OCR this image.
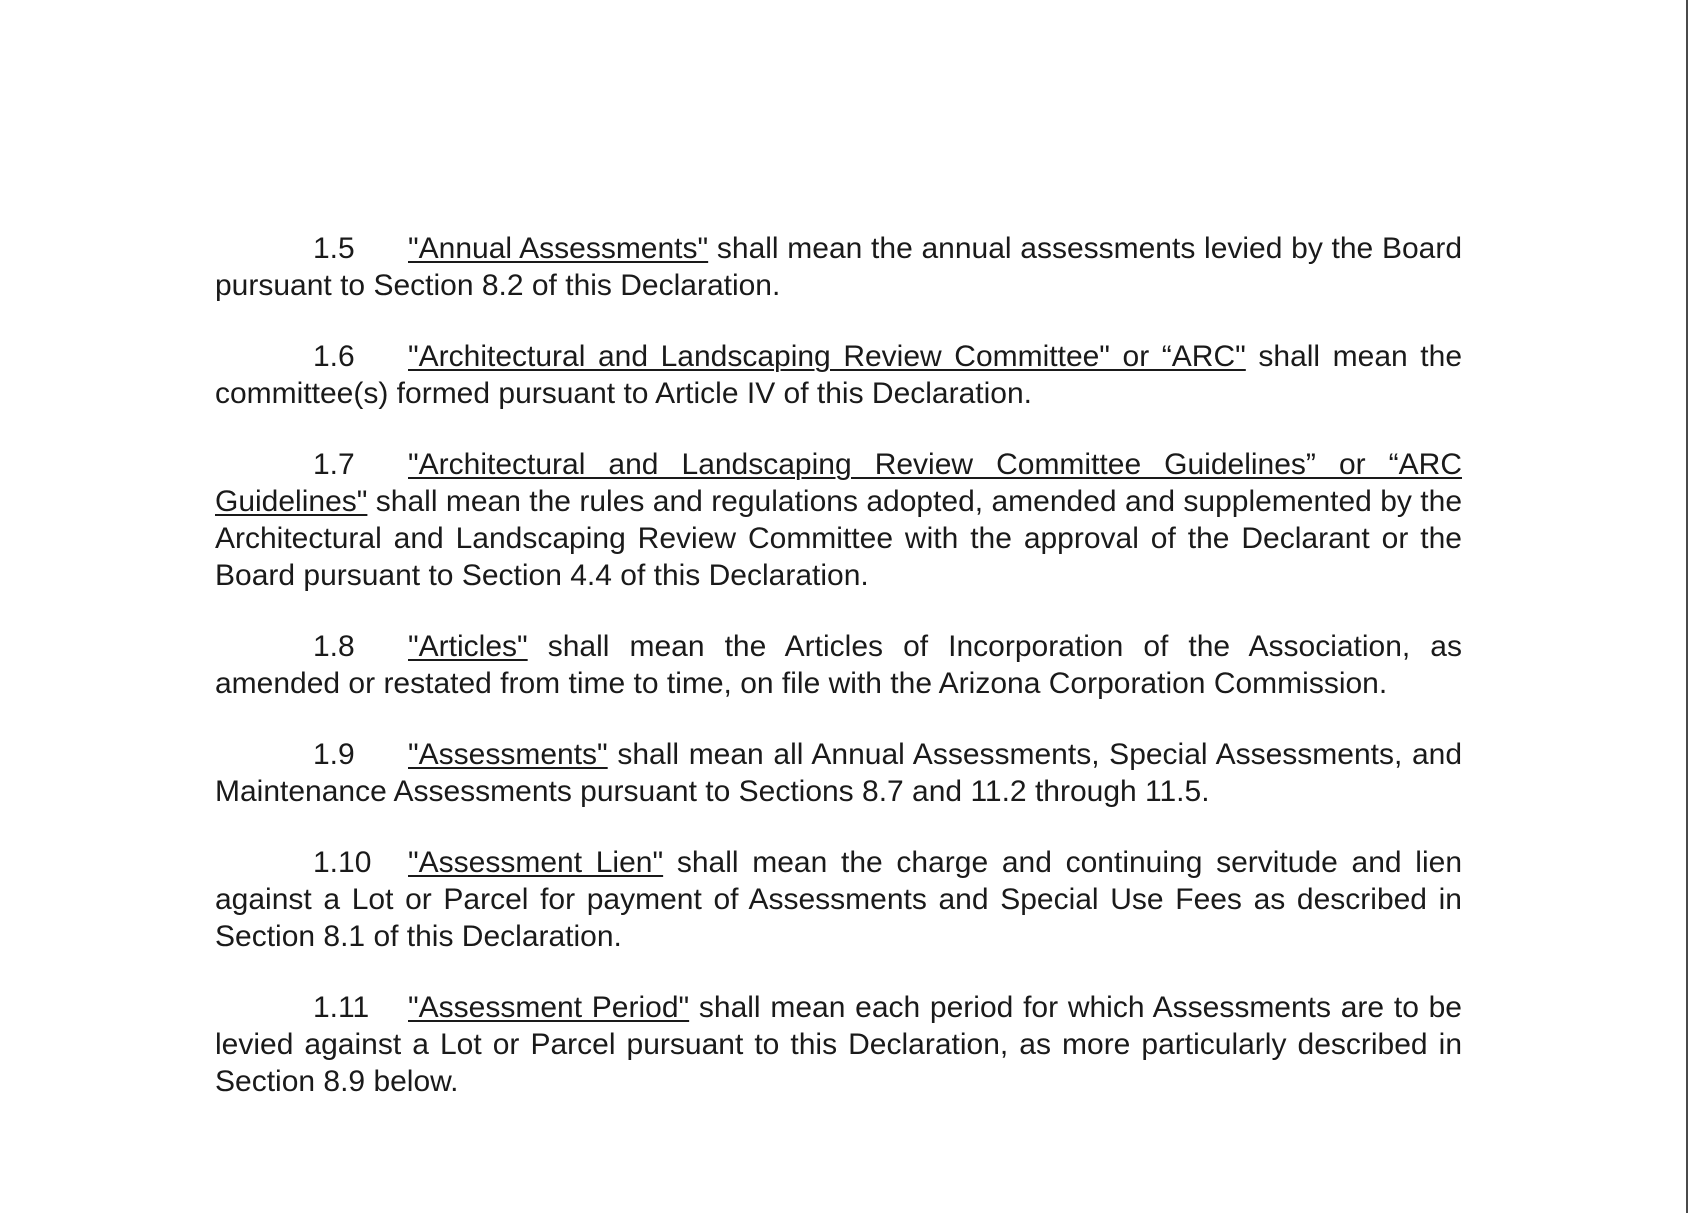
1.5 "Annual Assessments" shall mean the annual assessments levied by the Board pursuant to Section 8.2 of this Declaration.

1.6 "Architectural and Landscaping Review Committee" or “ARC" shall mean the committee(s) formed pursuant to Article IV of this Declaration.

1.7 "Architectural and Landscaping Review Committee Guidelines” or “ARC Guidelines" shall mean the rules and regulations adopted, amended and supplemented by the Architectural and Landscaping Review Committee with the approval of the Declarant or the Board pursuant to Section 4.4 of this Declaration.

1.8 "Articles" shall mean the Articles of Incorporation of the Association, as amended or restated from time to time, on file with the Arizona Corporation Commission.

1.9 "Assessments" shall mean all Annual Assessments, Special Assessments, and Maintenance Assessments pursuant to Sections 8.7 and 11.2 through 11.5.

1.10 "Assessment Lien" shall mean the charge and continuing servitude and lien against a Lot or Parcel for payment of Assessments and Special Use Fees as described in Section 8.1 of this Declaration.

1.11 "Assessment Period" shall mean each period for which Assessments are to be levied against a Lot or Parcel pursuant to this Declaration, as more particularly described in Section 8.9 below.
